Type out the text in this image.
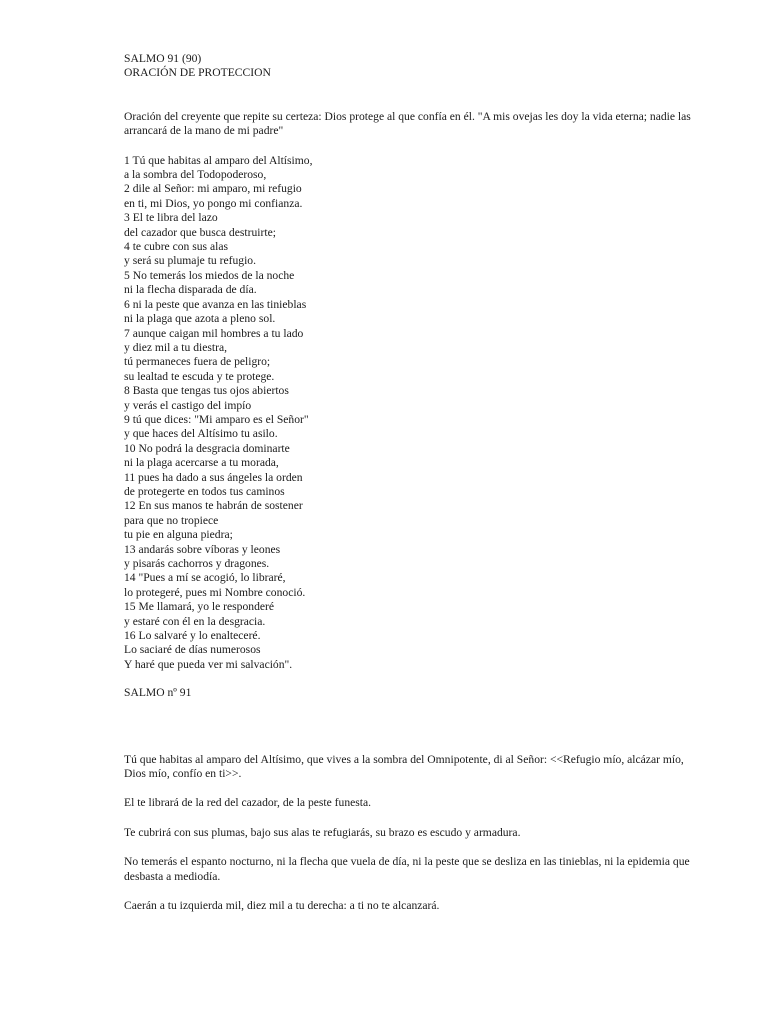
SALMO 91 (90)
ORACIÓN DE PROTECCION
Oración del creyente que repite su certeza: Dios protege al que confía en él. "A mis ovejas les doy la vida eterna; nadie las arrancará de la mano de mi padre"
1 Tú que habitas al amparo del Altísimo,
a la sombra del Todopoderoso,
2 dile al Señor: mi amparo, mi refugio
en ti, mi Dios, yo pongo mi confianza.
3 El te libra del lazo
del cazador que busca destruirte;
4 te cubre con sus alas
y será su plumaje tu refugio.
5 No temerás los miedos de la noche
ni la flecha disparada de día.
6 ni la peste que avanza en las tinieblas
ni la plaga que azota a pleno sol.
7 aunque caigan mil hombres a tu lado
y diez mil a tu diestra,
tú permaneces fuera de peligro;
su lealtad te escuda y te protege.
8 Basta que tengas tus ojos abiertos
y verás el castigo del impío
9 tú que dices: "Mi amparo es el Señor"
y que haces del Altísimo tu asilo.
10 No podrá la desgracia dominarte
ni la plaga acercarse a tu morada,
11 pues ha dado a sus ángeles la orden
de protegerte en todos tus caminos
12 En sus manos te habrán de sostener
para que no tropiece
tu pie en alguna piedra;
13 andarás sobre víboras y leones
y pisarás cachorros y dragones.
14 "Pues a mí se acogió, lo libraré,
lo protegeré, pues mi Nombre conoció.
15 Me llamará, yo le responderé
y estaré con él en la desgracia.
16 Lo salvaré y lo enalteceré.
Lo saciaré de días numerosos
Y haré que pueda ver mi salvación".
SALMO nº 91
Tú que habitas al amparo del Altísimo, que vives a la sombra del Omnipotente, di al Señor: <<Refugio mío, alcázar mío, Dios mío, confío en ti>>.
El te librará de la red del cazador, de la peste funesta.
Te cubrirá con sus plumas, bajo sus alas te refugiarás, su brazo es escudo y armadura.
No temerás el espanto nocturno, ni la flecha que vuela de día, ni la peste que se desliza en las tinieblas, ni la epidemia que desbasta a mediodía.
Caerán a tu izquierda mil, diez mil a tu derecha: a ti no te alcanzará.
